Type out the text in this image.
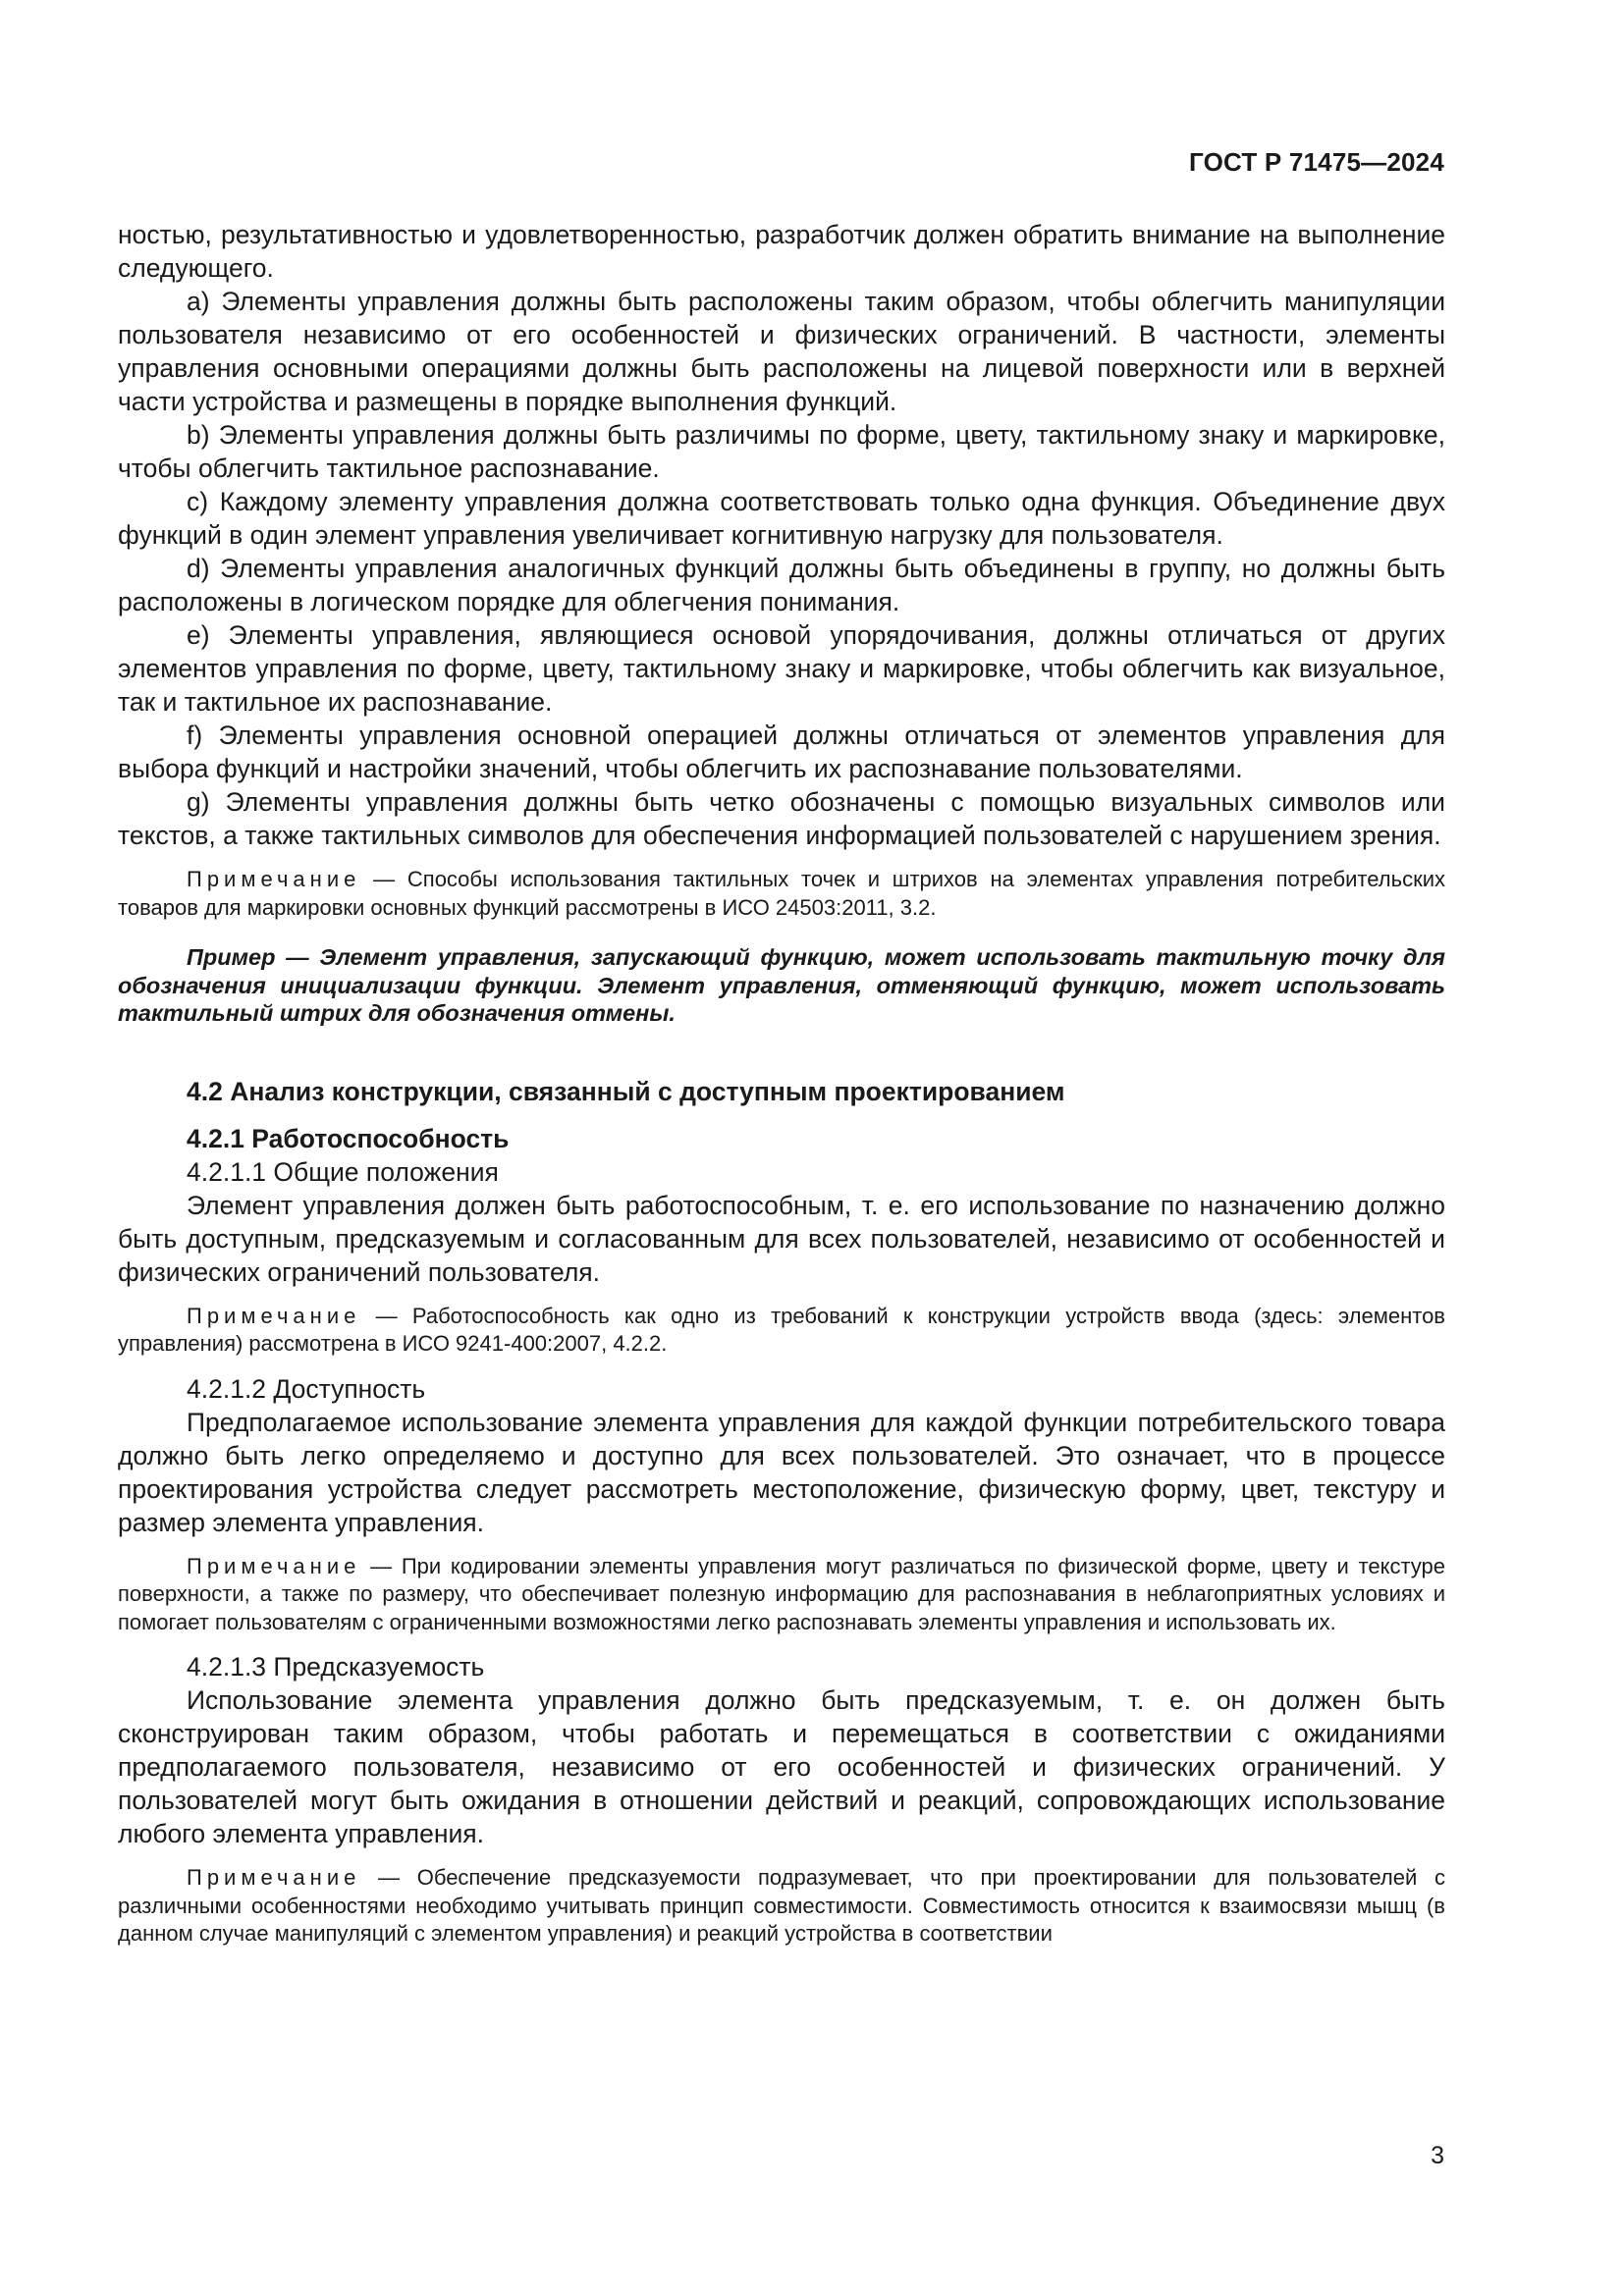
ГОСТ Р 71475—2024

ностью, результативностью и удовлетворенностью, разработчик должен обратить внимание на выполнение следующего.

a) Элементы управления должны быть расположены таким образом, чтобы облегчить манипуляции пользователя независимо от его особенностей и физических ограничений. В частности, элементы управления основными операциями должны быть расположены на лицевой поверхности или в верхней части устройства и размещены в порядке выполнения функций.

b) Элементы управления должны быть различимы по форме, цвету, тактильному знаку и маркировке, чтобы облегчить тактильное распознавание.

c) Каждому элементу управления должна соответствовать только одна функция. Объединение двух функций в один элемент управления увеличивает когнитивную нагрузку для пользователя.

d) Элементы управления аналогичных функций должны быть объединены в группу, но должны быть расположены в логическом порядке для облегчения понимания.

e) Элементы управления, являющиеся основой упорядочивания, должны отличаться от других элементов управления по форме, цвету, тактильному знаку и маркировке, чтобы облегчить как визуальное, так и тактильное их распознавание.

f) Элементы управления основной операцией должны отличаться от элементов управления для выбора функций и настройки значений, чтобы облегчить их распознавание пользователями.

g) Элементы управления должны быть четко обозначены с помощью визуальных символов или текстов, а также тактильных символов для обеспечения информацией пользователей с нарушением зрения.

Примечание — Способы использования тактильных точек и штрихов на элементах управления потребительских товаров для маркировки основных функций рассмотрены в ИСО 24503:2011, 3.2.

Пример — Элемент управления, запускающий функцию, может использовать тактильную точку для обозначения инициализации функции. Элемент управления, отменяющий функцию, может использовать тактильный штрих для обозначения отмены.

4.2 Анализ конструкции, связанный с доступным проектированием

4.2.1 Работоспособность

4.2.1.1 Общие положения

Элемент управления должен быть работоспособным, т. е. его использование по назначению должно быть доступным, предсказуемым и согласованным для всех пользователей, независимо от особенностей и физических ограничений пользователя.

Примечание — Работоспособность как одно из требований к конструкции устройств ввода (здесь: элементов управления) рассмотрена в ИСО 9241-400:2007, 4.2.2.

4.2.1.2 Доступность

Предполагаемое использование элемента управления для каждой функции потребительского товара должно быть легко определяемо и доступно для всех пользователей. Это означает, что в процессе проектирования устройства следует рассмотреть местоположение, физическую форму, цвет, текстуру и размер элемента управления.

Примечание — При кодировании элементы управления могут различаться по физической форме, цвету и текстуре поверхности, а также по размеру, что обеспечивает полезную информацию для распознавания в неблагоприятных условиях и помогает пользователям с ограниченными возможностями легко распознавать элементы управления и использовать их.

4.2.1.3 Предсказуемость

Использование элемента управления должно быть предсказуемым, т. е. он должен быть сконструирован таким образом, чтобы работать и перемещаться в соответствии с ожиданиями предполагаемого пользователя, независимо от его особенностей и физических ограничений. У пользователей могут быть ожидания в отношении действий и реакций, сопровождающих использование любого элемента управления.

Примечание — Обеспечение предсказуемости подразумевает, что при проектировании для пользователей с различными особенностями необходимо учитывать принцип совместимости. Совместимость относится к взаимосвязи мышц (в данном случае манипуляций с элементом управления) и реакций устройства в соответствии

3
